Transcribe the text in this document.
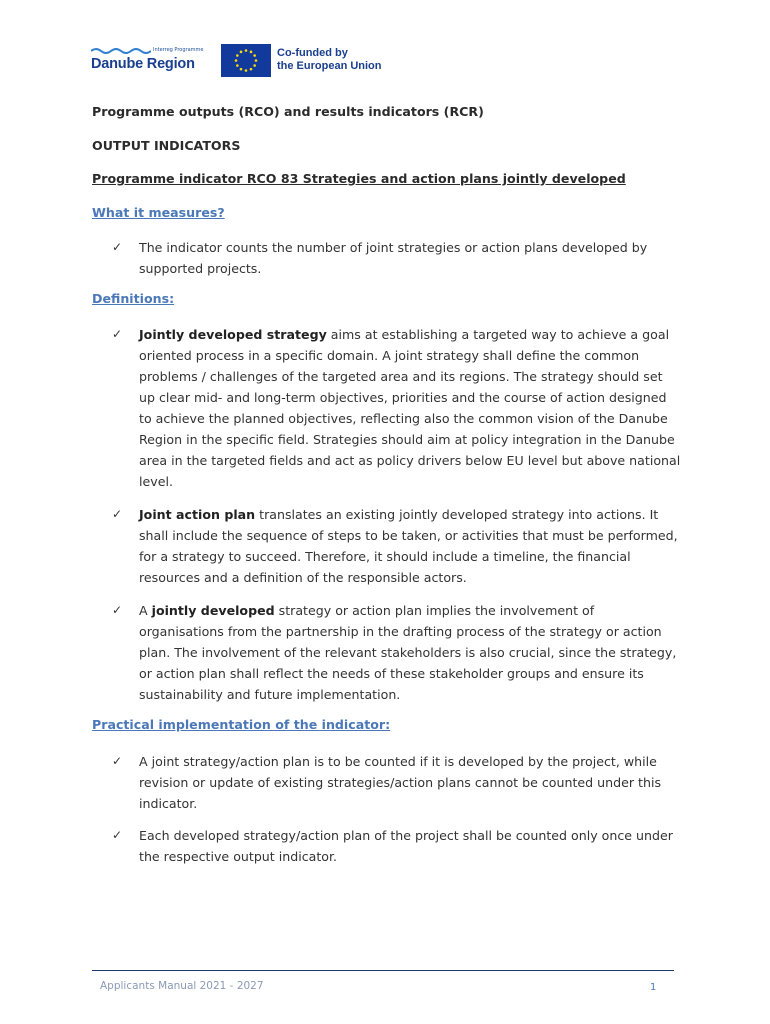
Interreg Programme
Danube Region
Co-funded by
the European Union
Programme outputs (RCO) and results indicators (RCR)
OUTPUT INDICATORS
Programme indicator RCO 83 Strategies and action plans jointly developed
What it measures?
✓	The indicator counts the number of joint strategies or action plans developed by supported projects.
Definitions:
✓	Jointly developed strategy aims at establishing a targeted way to achieve a goal oriented process in a specific domain. A joint strategy shall define the common problems / challenges of the targeted area and its regions. The strategy should set up clear mid- and long-term objectives, priorities and the course of action designed to achieve the planned objectives, reflecting also the common vision of the Danube Region in the specific field. Strategies should aim at policy integration in the Danube area in the targeted fields and act as policy drivers below EU level but above national level.
✓	Joint action plan translates an existing jointly developed strategy into actions. It shall include the sequence of steps to be taken, or activities that must be performed, for a strategy to succeed. Therefore, it should include a timeline, the financial resources and a definition of the responsible actors.
✓	A jointly developed strategy or action plan implies the involvement of organisations from the partnership in the drafting process of the strategy or action plan. The involvement of the relevant stakeholders is also crucial, since the strategy, or action plan shall reflect the needs of these stakeholder groups and ensure its sustainability and future implementation.
Practical implementation of the indicator:
✓	A joint strategy/action plan is to be counted if it is developed by the project, while revision or update of existing strategies/action plans cannot be counted under this indicator.
✓	Each developed strategy/action plan of the project shall be counted only once under the respective output indicator.
Applicants Manual 2021 - 2027	1
